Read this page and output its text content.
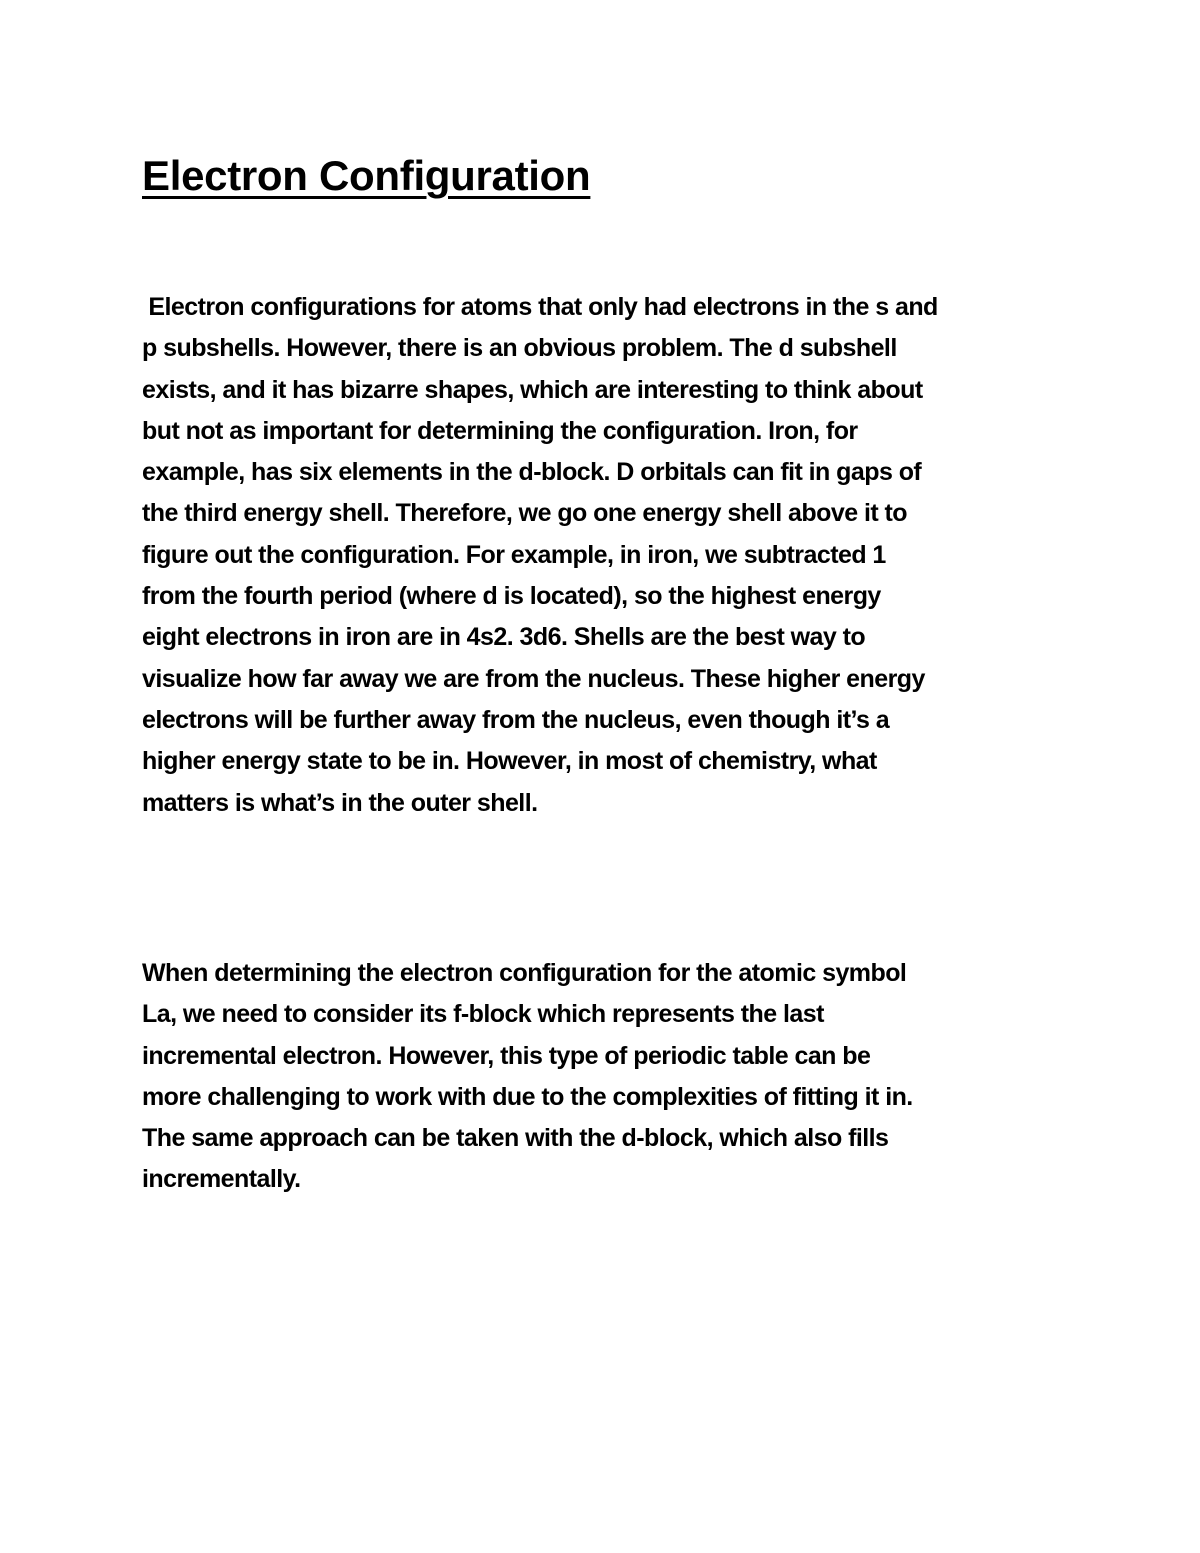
Electron Configuration

Electron configurations for atoms that only had electrons in the s and
p subshells. However, there is an obvious problem. The d subshell
exists, and it has bizarre shapes, which are interesting to think about
but not as important for determining the configuration. Iron, for
example, has six elements in the d-block. D orbitals can fit in gaps of
the third energy shell. Therefore, we go one energy shell above it to
figure out the configuration. For example, in iron, we subtracted 1
from the fourth period (where d is located), so the highest energy
eight electrons in iron are in 4s2. 3d6. Shells are the best way to
visualize how far away we are from the nucleus. These higher energy
electrons will be further away from the nucleus, even though it’s a
higher energy state to be in. However, in most of chemistry, what
matters is what’s in the outer shell.

When determining the electron configuration for the atomic symbol
La, we need to consider its f-block which represents the last
incremental electron. However, this type of periodic table can be
more challenging to work with due to the complexities of fitting it in.
The same approach can be taken with the d-block, which also fills
incrementally.
